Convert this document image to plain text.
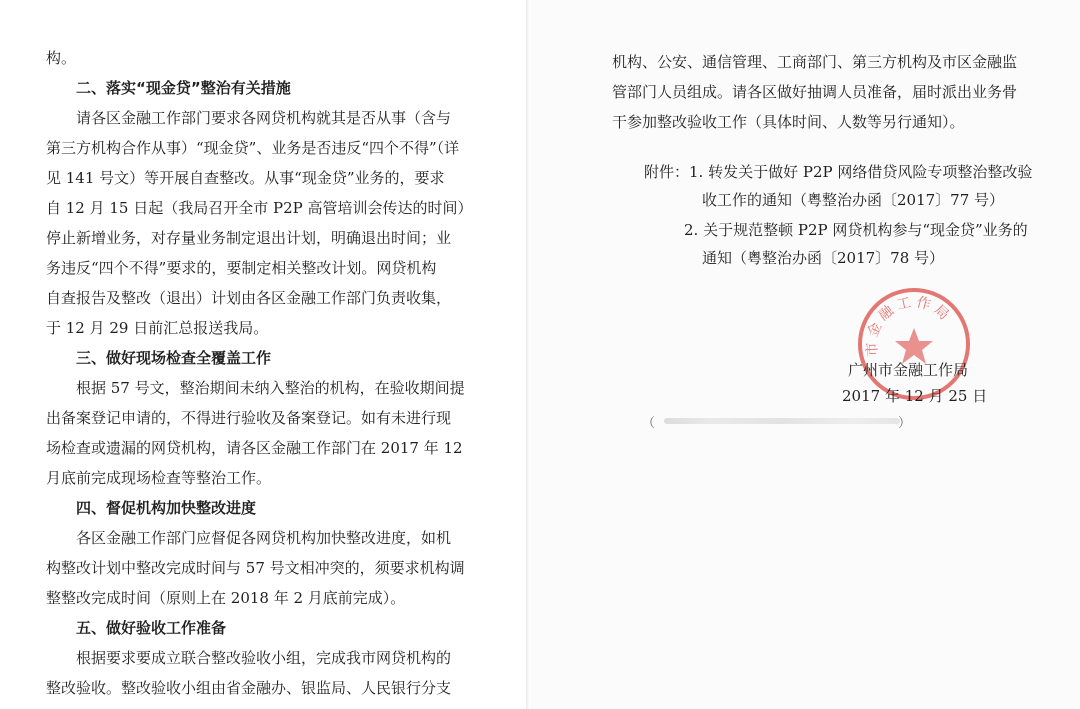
构。
二、落实“现金贷”整治有关措施
请各区金融工作部门要求各网贷机构就其是否从事（含与
第三方机构合作从事）“现金贷”、业务是否违反“四个不得”（详
见 141 号文）等开展自查整改。从事“现金贷”业务的，要求
自 12 月 15 日起（我局召开全市 P2P 高管培训会传达的时间）
停止新增业务，对存量业务制定退出计划，明确退出时间；业
务违反“四个不得”要求的，要制定相关整改计划。网贷机构
自查报告及整改（退出）计划由各区金融工作部门负责收集，
于 12 月 29 日前汇总报送我局。
三、做好现场检查全覆盖工作
根据 57 号文，整治期间未纳入整治的机构，在验收期间提
出备案登记申请的，不得进行验收及备案登记。如有未进行现
场检查或遗漏的网贷机构，请各区金融工作部门在 2017 年 12
月底前完成现场检查等整治工作。
四、督促机构加快整改进度
各区金融工作部门应督促各网贷机构加快整改进度，如机
构整改计划中整改完成时间与 57 号文相冲突的，须要求机构调
整整改完成时间（原则上在 2018 年 2 月底前完成）。
五、做好验收工作准备
根据要求要成立联合整改验收小组，完成我市网贷机构的
整改验收。整改验收小组由省金融办、银监局、人民银行分支
机构、公安、通信管理、工商部门、第三方机构及市区金融监
管部门人员组成。请各区做好抽调人员准备，届时派出业务骨
干参加整改验收工作（具体时间、人数等另行通知）。
附件：1. 转发关于做好 P2P 网络借贷风险专项整治整改验
收工作的通知（粤整治办函〔2017〕77 号）
2. 关于规范整顿 P2P 网贷机构参与“现金贷”业务的
通知（粤整治办函〔2017〕78 号）
市金融工作局
广州市金融工作局
2017 年 12 月 25 日
（	）
